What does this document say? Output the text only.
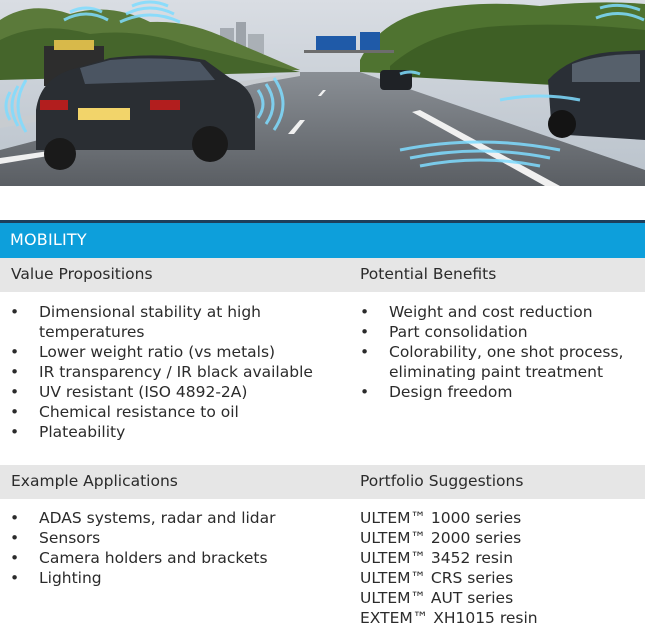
MOBILITY
Value Propositions	Potential Benefits
• Dimensional stability at high temperatures
• Lower weight ratio (vs metals)
• IR transparency / IR black available
• UV resistant (ISO 4892-2A)
• Chemical resistance to oil
• Plateability
• Weight and cost reduction
• Part consolidation
• Colorability, one shot process, eliminating paint treatment
• Design freedom
Example Applications	Portfolio Suggestions
• ADAS systems, radar and lidar
• Sensors
• Camera holders and brackets
• Lighting
ULTEM™ 1000 series
ULTEM™ 2000 series
ULTEM™ 3452 resin
ULTEM™ CRS series
ULTEM™ AUT series
EXTEM™ XH1015 resin
